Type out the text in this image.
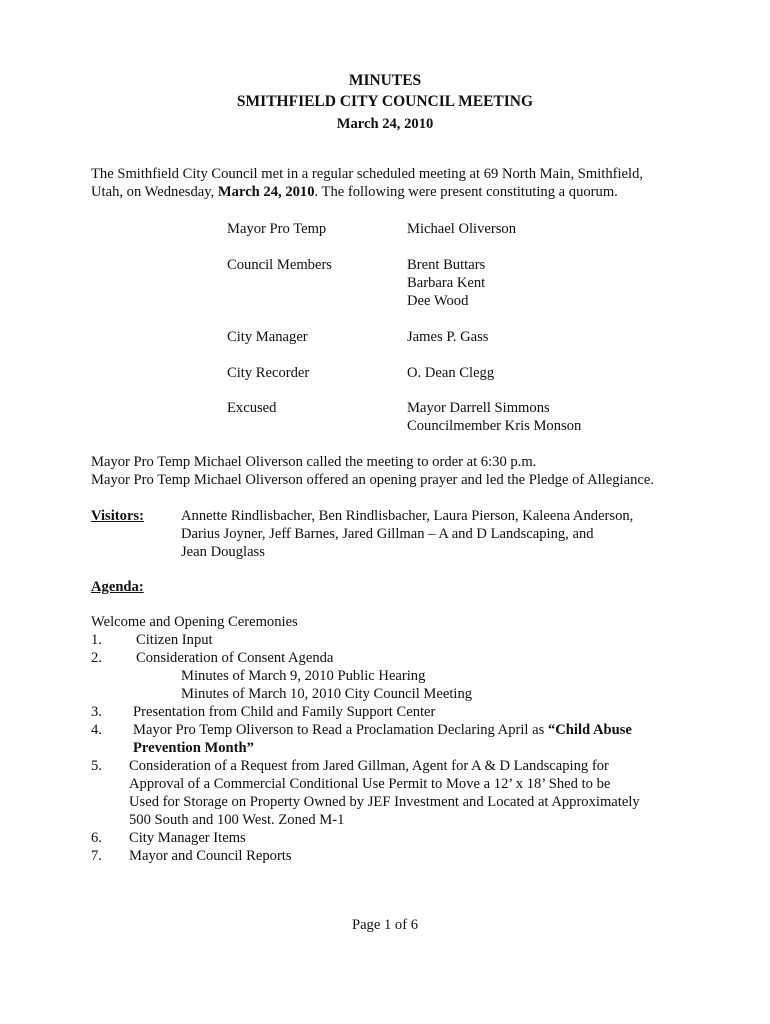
MINUTES
SMITHFIELD CITY COUNCIL MEETING
March 24, 2010
The Smithfield City Council met in a regular scheduled meeting at 69 North Main, Smithfield,
Utah, on Wednesday, March 24, 2010. The following were present constituting a quorum.
Mayor Pro Temp	Michael Oliverson
Council Members	Brent Buttars
Barbara Kent
Dee Wood
City Manager	James P. Gass
City Recorder	O. Dean Clegg
Excused	Mayor Darrell Simmons
Councilmember Kris Monson
Mayor Pro Temp Michael Oliverson called the meeting to order at 6:30 p.m.
Mayor Pro Temp Michael Oliverson offered an opening prayer and led the Pledge of Allegiance.
Visitors:	Annette Rindlisbacher, Ben Rindlisbacher, Laura Pierson, Kaleena Anderson,
Darius Joyner, Jeff Barnes, Jared Gillman – A and D Landscaping, and
Jean Douglass
Agenda:
Welcome and Opening Ceremonies
1. Citizen Input
2. Consideration of Consent Agenda
Minutes of March 9, 2010 Public Hearing
Minutes of March 10, 2010 City Council Meeting
3. Presentation from Child and Family Support Center
4. Mayor Pro Temp Oliverson to Read a Proclamation Declaring April as “Child Abuse
Prevention Month”
5. Consideration of a Request from Jared Gillman, Agent for A & D Landscaping for
Approval of a Commercial Conditional Use Permit to Move a 12’ x 18’ Shed to be
Used for Storage on Property Owned by JEF Investment and Located at Approximately
500 South and 100 West. Zoned M-1
6. City Manager Items
7. Mayor and Council Reports
Page 1 of 6
